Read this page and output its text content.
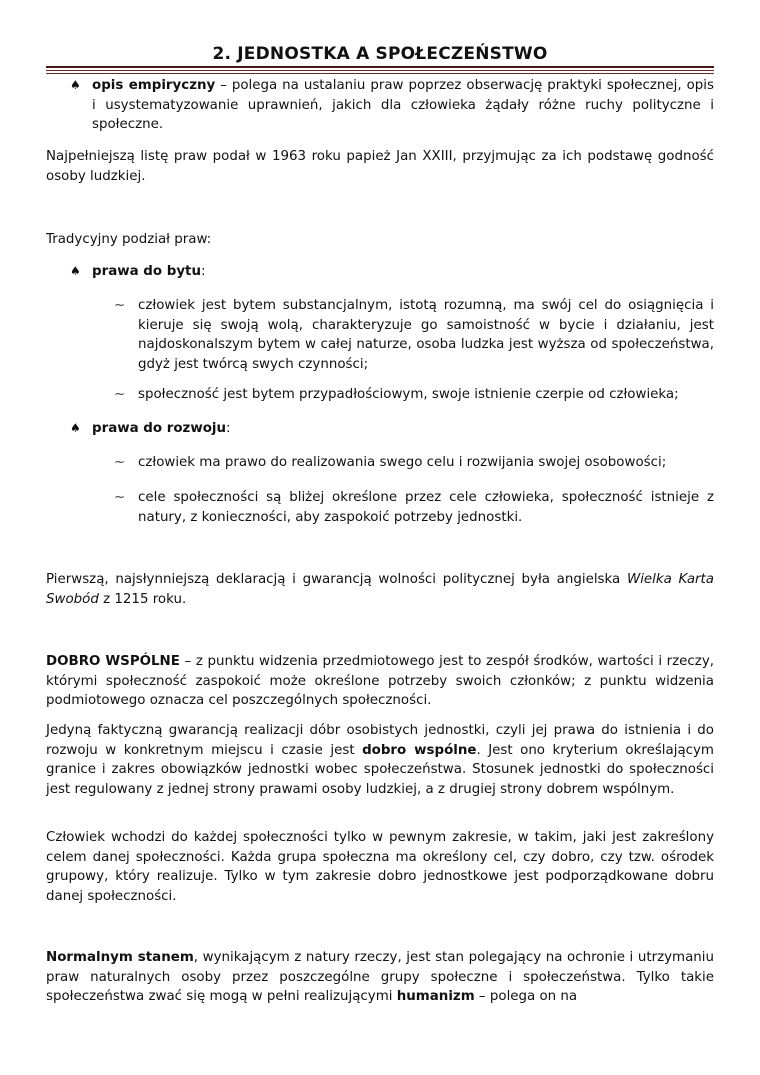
2. JEDNOSTKA A SPOŁECZEŃSTWO
♠ opis empiryczny – polega na ustalaniu praw poprzez obserwację praktyki społecznej, opis i usystematyzowanie uprawnień, jakich dla człowieka żądały różne ruchy polityczne i społeczne.

Najpełniejszą listę praw podał w 1963 roku papież Jan XXIII, przyjmując za ich podstawę godność osoby ludzkiej.

Tradycyjny podział praw:

♠ prawa do bytu:
~ człowiek jest bytem substancjalnym, istotą rozumną, ma swój cel do osiągnięcia i kieruje się swoją wolą, charakteryzuje go samoistność w bycie i działaniu, jest najdoskonalszym bytem w całej naturze, osoba ludzka jest wyższa od społeczeństwa, gdyż jest twórcą swych czynności;
~ społeczność jest bytem przypadłościowym, swoje istnienie czerpie od człowieka;
♠ prawa do rozwoju:
~ człowiek ma prawo do realizowania swego celu i rozwijania swojej osobowości;
~ cele społeczności są bliżej określone przez cele człowieka, społeczność istnieje z natury, z konieczności, aby zaspokoić potrzeby jednostki.

Pierwszą, najsłynniejszą deklaracją i gwarancją wolności politycznej była angielska Wielka Karta Swobód z 1215 roku.

DOBRO WSPÓLNE – z punktu widzenia przedmiotowego jest to zespół środków, wartości i rzeczy, którymi społeczność zaspokoić może określone potrzeby swoich członków; z punktu widzenia podmiotowego oznacza cel poszczególnych społeczności.

Jedyną faktyczną gwarancją realizacji dóbr osobistych jednostki, czyli jej prawa do istnienia i do rozwoju w konkretnym miejscu i czasie jest dobro wspólne. Jest ono kryterium określającym granice i zakres obowiązków jednostki wobec społeczeństwa. Stosunek jednostki do społeczności jest regulowany z jednej strony prawami osoby ludzkiej, a z drugiej strony dobrem wspólnym.

Człowiek wchodzi do każdej społeczności tylko w pewnym zakresie, w takim, jaki jest zakreślony celem danej społeczności. Każda grupa społeczna ma określony cel, czy dobro, czy tzw. ośrodek grupowy, który realizuje. Tylko w tym zakresie dobro jednostkowe jest podporządkowane dobru danej społeczności.

Normalnym stanem, wynikającym z natury rzeczy, jest stan polegający na ochronie i utrzymaniu praw naturalnych osoby przez poszczególne grupy społeczne i społeczeństwa. Tylko takie społeczeństwa zwać się mogą w pełni realizującymi humanizm – polega on na
